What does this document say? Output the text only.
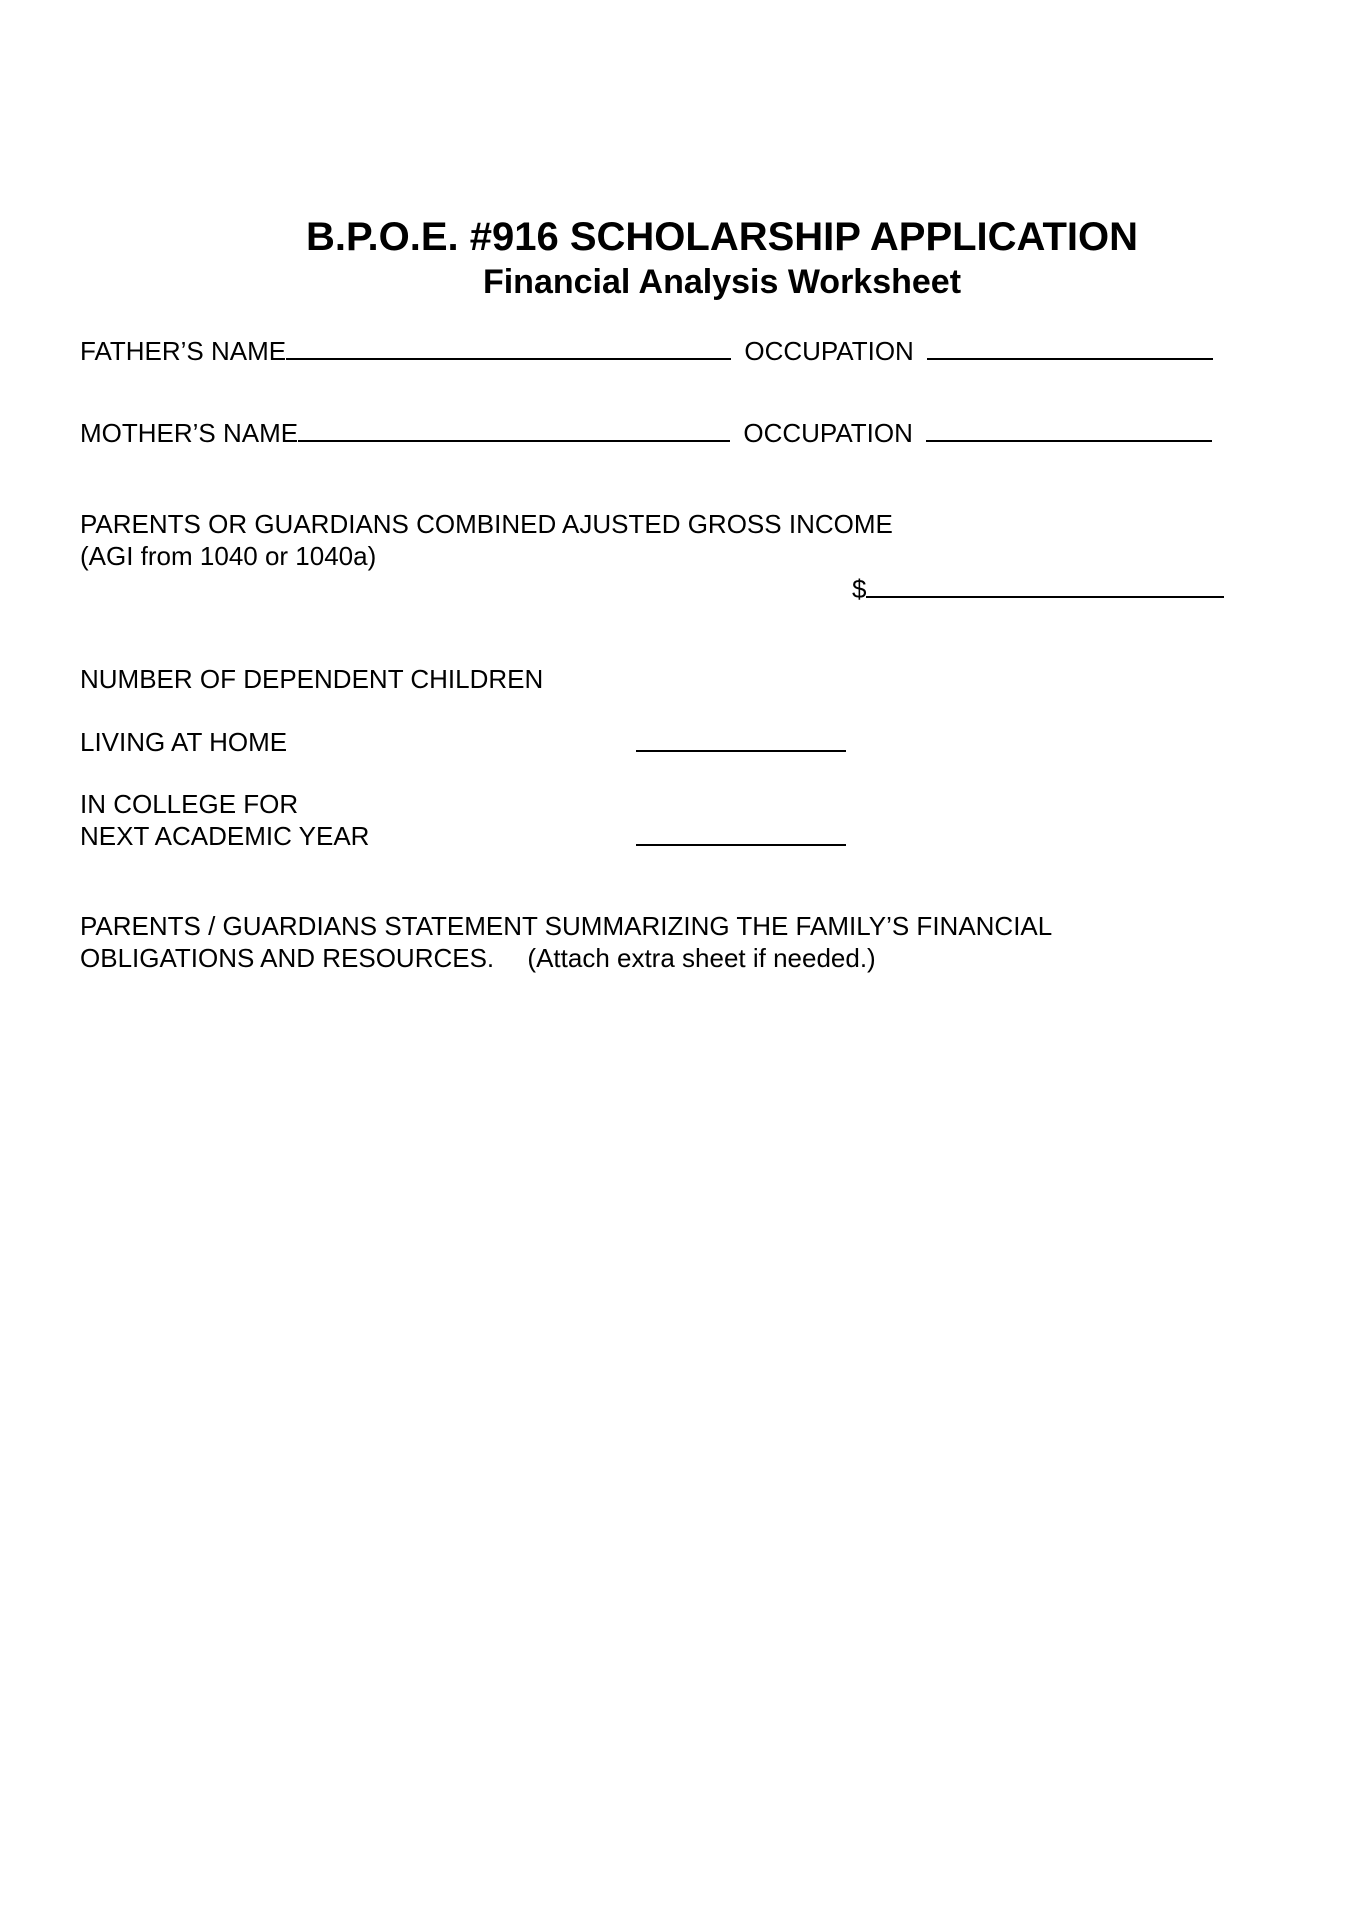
B.P.O.E. #916 SCHOLARSHIP APPLICATION
Financial Analysis Worksheet
FATHER’S NAME	OCCUPATION
MOTHER’S NAME	OCCUPATION
PARENTS OR GUARDIANS COMBINED AJUSTED GROSS INCOME
(AGI from 1040 or 1040a)
$
NUMBER OF DEPENDENT CHILDREN
LIVING AT HOME
IN COLLEGE FOR
NEXT ACADEMIC YEAR
PARENTS / GUARDIANS STATEMENT SUMMARIZING THE FAMILY’S FINANCIAL
OBLIGATIONS AND RESOURCES. (Attach extra sheet if needed.)
